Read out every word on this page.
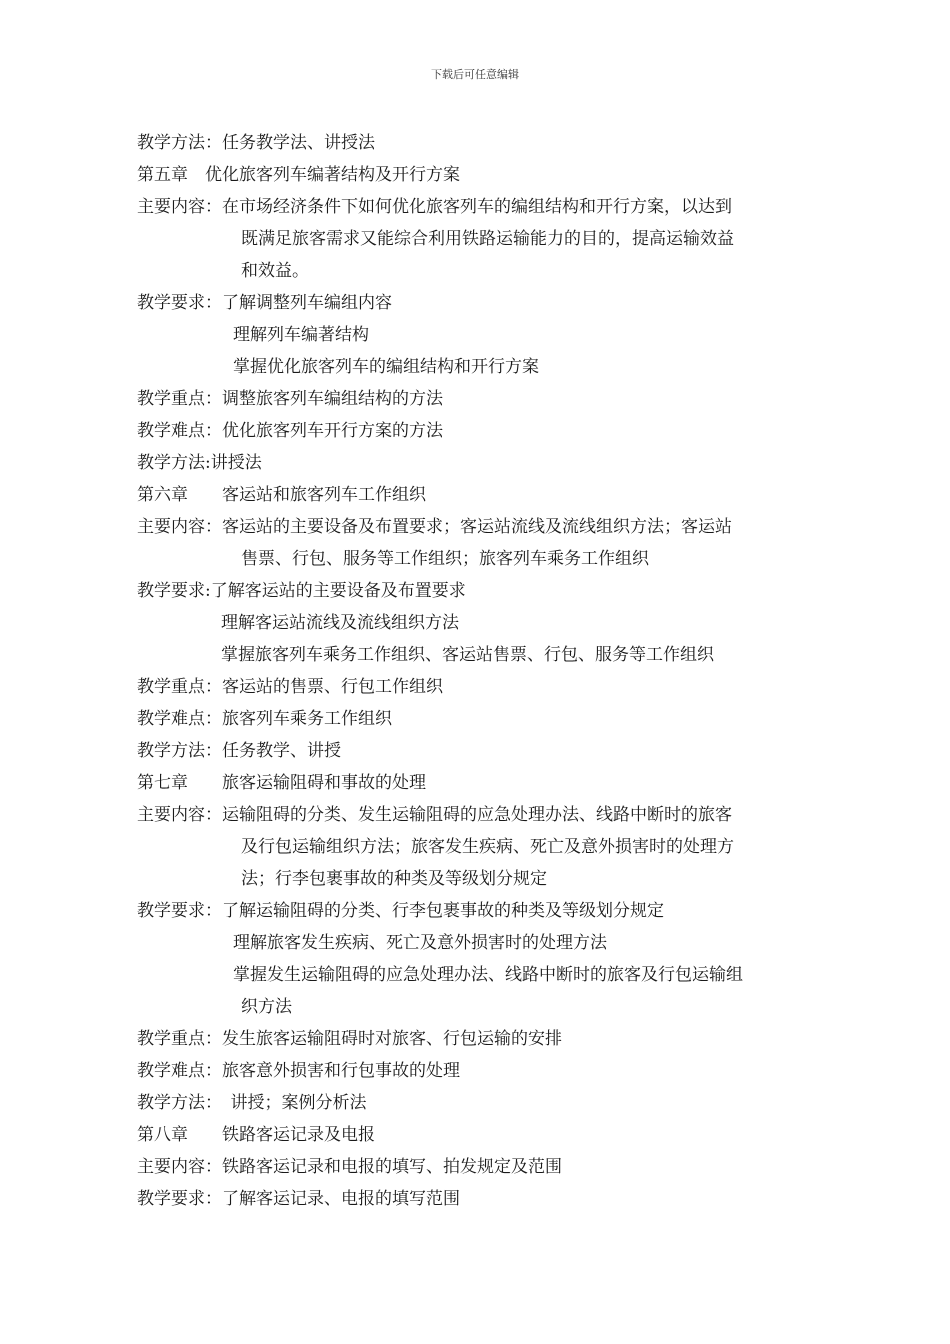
下载后可任意编辑
教学方法：任务教学法、讲授法
第五章　优化旅客列车编著结构及开行方案
主要内容：在市场经济条件下如何优化旅客列车的编组结构和开行方案，以达到
既满足旅客需求又能综合利用铁路运输能力的目的，提高运输效益
和效益。
教学要求：了解调整列车编组内容
理解列车编著结构
掌握优化旅客列车的编组结构和开行方案
教学重点：调整旅客列车编组结构的方法
教学难点：优化旅客列车开行方案的方法
教学方法:讲授法
第六章　　客运站和旅客列车工作组织
主要内容：客运站的主要设备及布置要求；客运站流线及流线组织方法；客运站
售票、行包、服务等工作组织；旅客列车乘务工作组织
教学要求:了解客运站的主要设备及布置要求
理解客运站流线及流线组织方法
掌握旅客列车乘务工作组织、客运站售票、行包、服务等工作组织
教学重点：客运站的售票、行包工作组织
教学难点：旅客列车乘务工作组织
教学方法：任务教学、讲授
第七章　　旅客运输阻碍和事故的处理
主要内容：运输阻碍的分类、发生运输阻碍的应急处理办法、线路中断时的旅客
及行包运输组织方法；旅客发生疾病、死亡及意外损害时的处理方
法；行李包裹事故的种类及等级划分规定
教学要求：了解运输阻碍的分类、行李包裹事故的种类及等级划分规定
理解旅客发生疾病、死亡及意外损害时的处理方法
掌握发生运输阻碍的应急处理办法、线路中断时的旅客及行包运输组
织方法
教学重点：发生旅客运输阻碍时对旅客、行包运输的安排
教学难点：旅客意外损害和行包事故的处理
教学方法：　讲授；案例分析法
第八章　　铁路客运记录及电报
主要内容：铁路客运记录和电报的填写、拍发规定及范围
教学要求：了解客运记录、电报的填写范围
